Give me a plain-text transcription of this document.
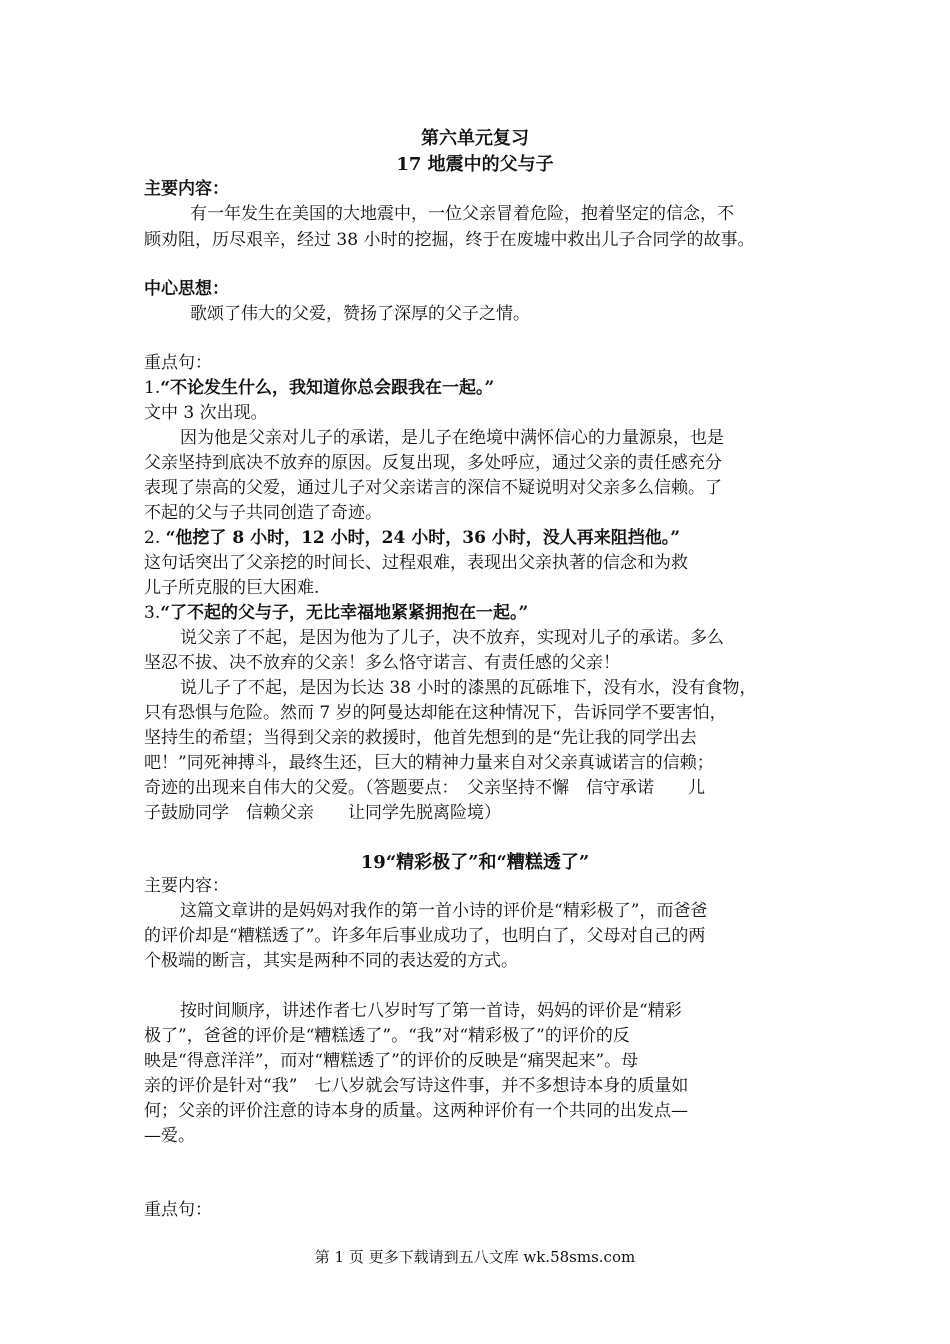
第六单元复习
17 地震中的父与子
主要内容：
有一年发生在美国的大地震中，一位父亲冒着危险，抱着坚定的信念，不
顾劝阻，历尽艰辛，经过 38 小时的挖掘，终于在废墟中救出儿子合同学的故事。
中心思想：
歌颂了伟大的父爱，赞扬了深厚的父子之情。
重点句：
1.“不论发生什么，我知道你总会跟我在一起。”
文中 3 次出现。
因为他是父亲对儿子的承诺，是儿子在绝境中满怀信心的力量源泉，也是
父亲坚持到底决不放弃的原因。反复出现，多处呼应，通过父亲的责任感充分
表现了崇高的父爱，通过儿子对父亲诺言的深信不疑说明对父亲多么信赖。了
不起的父与子共同创造了奇迹。
2. “他挖了 8 小时，12 小时，24 小时，36 小时，没人再来阻挡他。”
这句话突出了父亲挖的时间长、过程艰难，表现出父亲执著的信念和为救
儿子所克服的巨大困难.
3.“了不起的父与子，无比幸福地紧紧拥抱在一起。”
说父亲了不起，是因为他为了儿子，决不放弃，实现对儿子的承诺。多么
坚忍不拔、决不放弃的父亲！多么恪守诺言、有责任感的父亲！
说儿子了不起，是因为长达 38 小时的漆黑的瓦砾堆下，没有水，没有食物，
只有恐惧与危险。然而 7 岁的阿曼达却能在这种情况下，告诉同学不要害怕，
坚持生的希望；当得到父亲的救援时，他首先想到的是“先让我的同学出去
吧！”同死神搏斗，最终生还，巨大的精神力量来自对父亲真诚诺言的信赖；
奇迹的出现来自伟大的父爱。（答题要点：　父亲坚持不懈　信守承诺　　儿
子鼓励同学　信赖父亲　　让同学先脱离险境）
19“精彩极了”和“糟糕透了”
主要内容：
这篇文章讲的是妈妈对我作的第一首小诗的评价是“精彩极了”，而爸爸
的评价却是“糟糕透了”。许多年后事业成功了，也明白了，父母对自己的两
个极端的断言，其实是两种不同的表达爱的方式。
按时间顺序，讲述作者七八岁时写了第一首诗，妈妈的评价是“精彩
极了”，爸爸的评价是“糟糕透了”。“我”对“精彩极了”的评价的反
映是“得意洋洋”，而对“糟糕透了”的评价的反映是“痛哭起来”。母
亲的评价是针对“我”　七八岁就会写诗这件事，并不多想诗本身的质量如
何；父亲的评价注意的诗本身的质量。这两种评价有一个共同的出发点—
—爱。
重点句：
第 1 页 更多下载请到五八文库 wk.58sms.com
